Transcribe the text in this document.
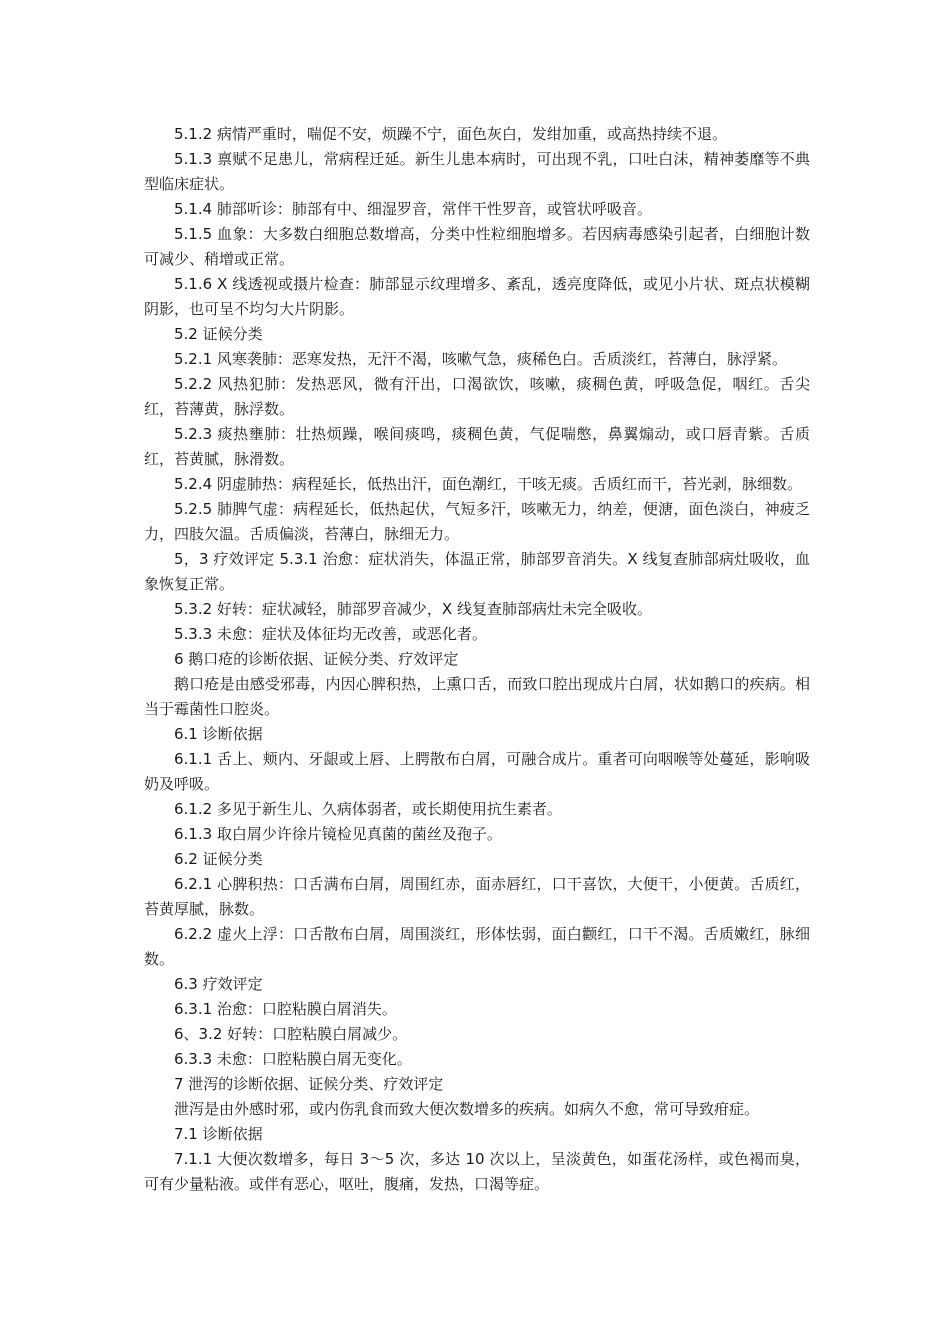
5.1.2 病情严重时，喘促不安，烦躁不宁，面色灰白，发绀加重，或高热持续不退。

5.1.3 禀赋不足患儿，常病程迁延。新生儿患本病时，可出现不乳，口吐白沫，精神萎靡等不典型临床症状。

5.1.4 肺部听诊：肺部有中、细湿罗音，常伴干性罗音，或管状呼吸音。

5.1.5 血象：大多数白细胞总数增高，分类中性粒细胞增多。若因病毒感染引起者，白细胞计数可减少、稍增或正常。

5.1.6 X 线透视或摄片检查：肺部显示纹理增多、紊乱，透亮度降低，或见小片状、斑点状模糊阴影，也可呈不均匀大片阴影。

5.2 证候分类

5.2.1 风寒袭肺：恶寒发热，无汗不渴，咳嗽气急，痰稀色白。舌质淡红，苔薄白，脉浮紧。

5.2.2 风热犯肺：发热恶风，微有汗出，口渴欲饮，咳嗽，痰稠色黄，呼吸急促，咽红。舌尖红，苔薄黄，脉浮数。

5.2.3 痰热壅肺：壮热烦躁，喉间痰鸣，痰稠色黄，气促喘憋，鼻翼煽动，或口唇青紫。舌质红，苔黄腻，脉滑数。

5.2.4 阴虚肺热：病程延长，低热出汗，面色潮红，干咳无痰。舌质红而干，苔光剥，脉细数。

5.2.5 肺脾气虚：病程延长，低热起伏，气短多汗，咳嗽无力，纳差，便溏，面色淡白，神疲乏力，四肢欠温。舌质偏淡，苔薄白，脉细无力。

5，3 疗效评定 5.3.1 治愈：症状消失，体温正常，肺部罗音消失。X 线复查肺部病灶吸收，血象恢复正常。

5.3.2 好转：症状减轻，肺部罗音减少，X 线复查肺部病灶未完全吸收。

5.3.3 未愈：症状及体征均无改善，或恶化者。

6 鹅口疮的诊断依据、证候分类、疗效评定

鹅口疮是由感受邪毒，内因心脾积热，上熏口舌，而致口腔出现成片白屑，状如鹅口的疾病。相当于霉菌性口腔炎。

6.1 诊断依据

6.1.1 舌上、颊内、牙龈或上唇、上腭散布白屑，可融合成片。重者可向咽喉等处蔓延，影响吸奶及呼吸。

6.1.2 多见于新生儿、久病体弱者，或长期使用抗生素者。

6.1.3 取白屑少许徐片镜检见真菌的菌丝及孢子。

6.2 证候分类

6.2.1 心脾积热：口舌满布白屑，周围红赤，面赤唇红，口干喜饮，大便干，小便黄。舌质红，苔黄厚腻，脉数。

6.2.2 虚火上浮：口舌散布白屑，周围淡红，形体怯弱，面白颧红，口干不渴。舌质嫩红，脉细数。

6.3 疗效评定

6.3.1 治愈：口腔粘膜白屑消失。

6、3.2 好转：口腔粘膜白屑减少。

6.3.3 未愈：口腔粘膜白屑无变化。

7 泄泻的诊断依据、证候分类、疗效评定

泄泻是由外感时邪，或内伤乳食而致大便次数增多的疾病。如病久不愈，常可导致疳症。

7.1 诊断依据

7.1.1 大便次数增多，每日 3～5 次，多达 10 次以上，呈淡黄色，如蛋花汤样，或色褐而臭，可有少量粘液。或伴有恶心，呕吐，腹痛，发热，口渴等症。
